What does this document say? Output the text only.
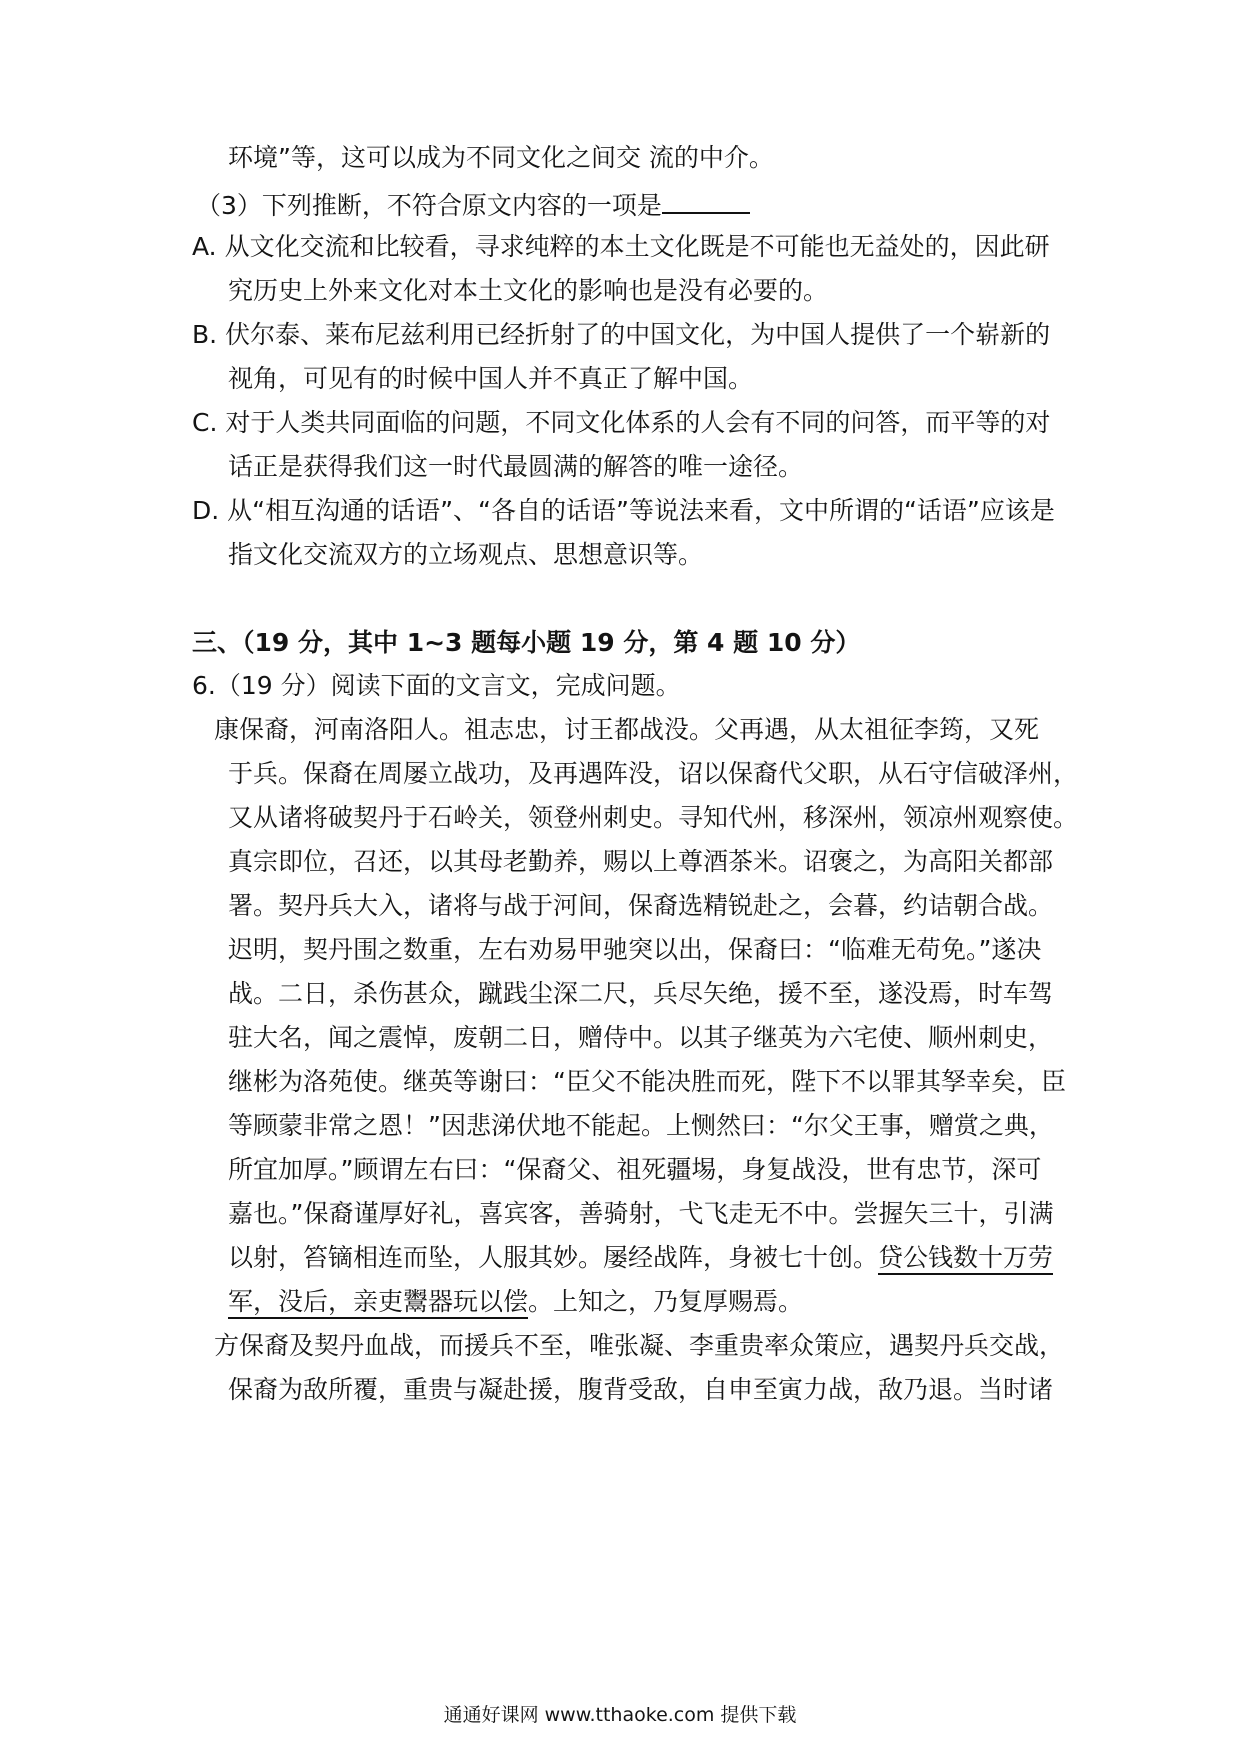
环境”等，这可以成为不同文化之间交 流的中介。
（3）下列推断，不符合原文内容的一项是
A. 从文化交流和比较看，寻求纯粹的本土文化既是不可能也无益处的，因此研
究历史上外来文化对本土文化的影响也是没有必要的。
B. 伏尔泰、莱布尼兹利用已经折射了的中国文化，为中国人提供了一个崭新的
视角，可见有的时候中国人并不真正了解中国。
C. 对于人类共同面临的问题，不同文化体系的人会有不同的问答，而平等的对
话正是获得我们这一时代最圆满的解答的唯一途径。
D. 从“相互沟通的话语”、“各自的话语”等说法来看，文中所谓的“话语”应该是
指文化交流双方的立场观点、思想意识等。
三、（19 分，其中 1~3 题每小题 19 分，第 4 题 10 分）
6.（19 分）阅读下面的文言文，完成问题。
康保裔，河南洛阳人。祖志忠，讨王都战没。父再遇，从太祖征李筠，又死
于兵。保裔在周屡立战功，及再遇阵没，诏以保裔代父职，从石守信破泽州，
又从诸将破契丹于石岭关，领登州刺史。寻知代州，移深州，领凉州观察使。
真宗即位，召还，以其母老勤养，赐以上尊酒茶米。诏褒之，为高阳关都部
署。契丹兵大入，诸将与战于河间，保裔选精锐赴之，会暮，约诘朝合战。
迟明，契丹围之数重，左右劝易甲驰突以出，保裔曰：“临难无苟免。”遂决
战。二日，杀伤甚众，蹴践尘深二尺，兵尽矢绝，援不至，遂没焉，时车驾
驻大名，闻之震悼，废朝二日，赠侍中。以其子继英为六宅使、顺州刺史，
继彬为洛苑使。继英等谢曰：“臣父不能决胜而死，陛下不以罪其孥幸矣，臣
等顾蒙非常之恩！”因悲涕伏地不能起。上恻然曰：“尔父王事，赠赏之典，
所宜加厚。”顾谓左右曰：“保裔父、祖死疆埸，身复战没，世有忠节，深可
嘉也。”保裔谨厚好礼，喜宾客，善骑射，弋飞走无不中。尝握矢三十，引满
以射，笞镝相连而坠，人服其妙。屡经战阵，身被七十创。贷公钱数十万劳
军，没后，亲吏鬻器玩以偿。上知之，乃复厚赐焉。
方保裔及契丹血战，而援兵不至，唯张凝、李重贵率众策应，遇契丹兵交战，
保裔为敌所覆，重贵与凝赴援，腹背受敌，自申至寅力战，敌乃退。当时诸
通通好课网 www.tthaoke.com 提供下载
